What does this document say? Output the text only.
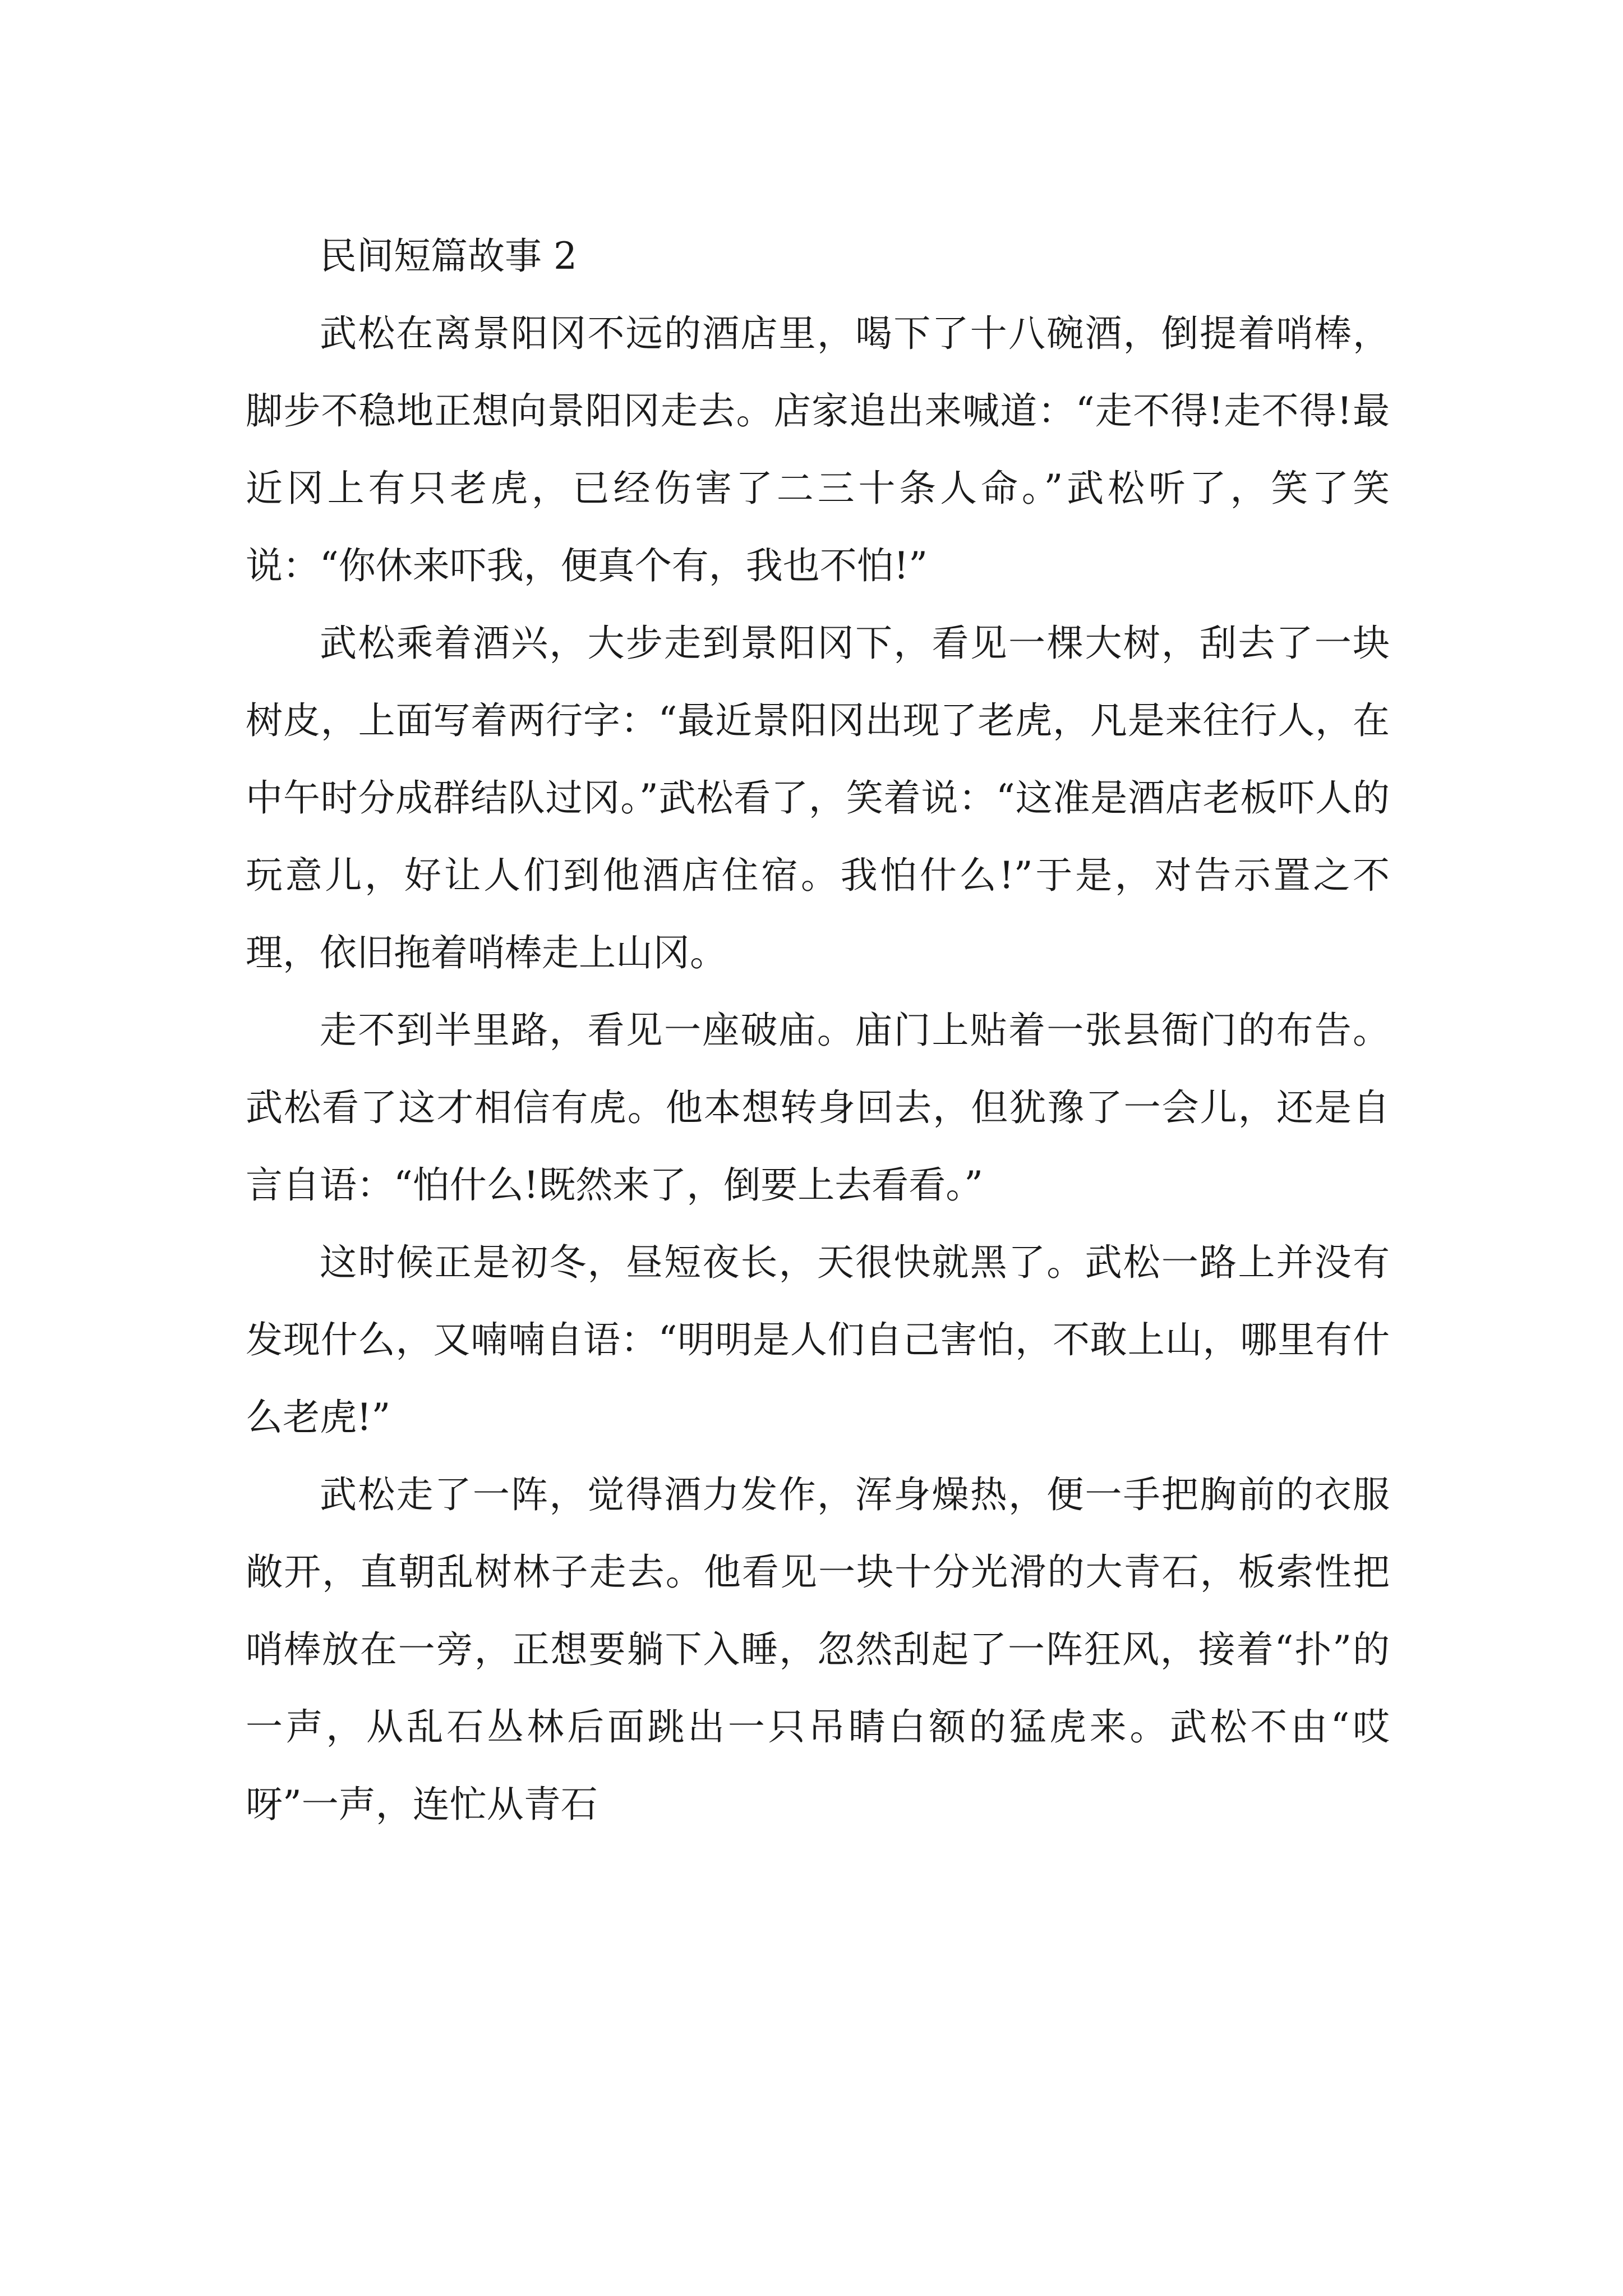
民间短篇故事 2

武松在离景阳冈不远的酒店里，喝下了十八碗酒，倒提着哨棒，脚步不稳地正想向景阳冈走去。店家追出来喊道：“走不得!走不得!最近冈上有只老虎，已经伤害了二三十条人命。”武松听了，笑了笑说：“你休来吓我，便真个有，我也不怕!”

武松乘着酒兴，大步走到景阳冈下，看见一棵大树，刮去了一块树皮，上面写着两行字：“最近景阳冈出现了老虎，凡是来往行人，在中午时分成群结队过冈。”武松看了，笑着说：“这准是酒店老板吓人的玩意儿，好让人们到他酒店住宿。我怕什么!”于是，对告示置之不理，依旧拖着哨棒走上山冈。

走不到半里路，看见一座破庙。庙门上贴着一张县衙门的布告。武松看了这才相信有虎。他本想转身回去，但犹豫了一会儿，还是自言自语：“怕什么!既然来了，倒要上去看看。”

这时候正是初冬，昼短夜长，天很快就黑了。武松一路上并没有发现什么，又喃喃自语：“明明是人们自己害怕，不敢上山，哪里有什么老虎!”

武松走了一阵，觉得酒力发作，浑身燥热，便一手把胸前的衣服敞开，直朝乱树林子走去。他看见一块十分光滑的大青石，板索性把哨棒放在一旁，正想要躺下入睡，忽然刮起了一阵狂风，接着“扑”的一声，从乱石丛林后面跳出一只吊睛白额的猛虎来。武松不由“哎呀”一声，连忙从青石
